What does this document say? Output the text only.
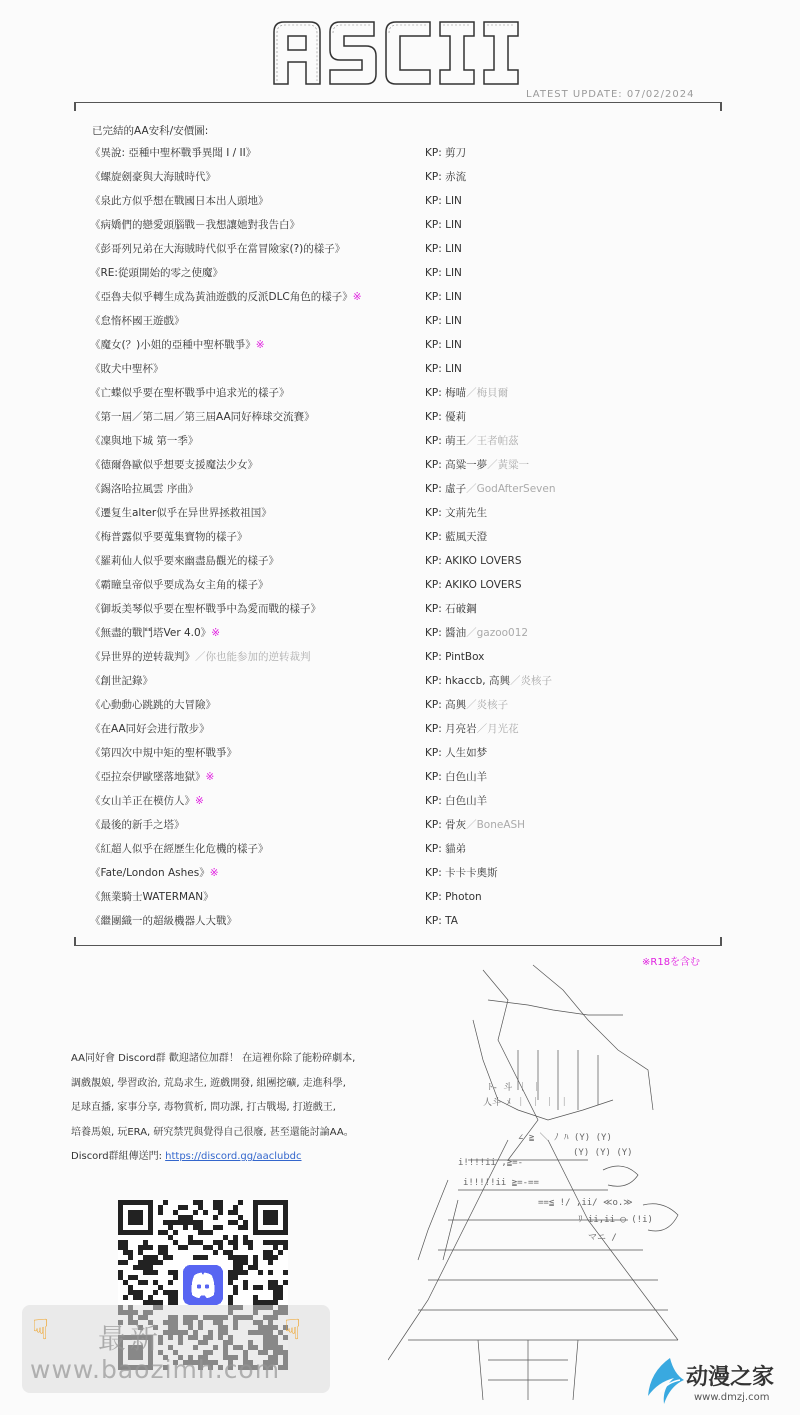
LATEST UPDATE: 07/02/2024
已完結的AA安科/安價圖:
《異說: 亞種中聖杯戰爭異聞 I / II》	KP: 剪刀
《螺旋劍豪與大海賊時代》	KP: 赤流
《泉此方似乎想在戰國日本出人頭地》	KP: LIN
《病嬌們的戀愛頭腦戰－我想讓她對我告白》	KP: LIN
《彭哥列兄弟在大海賊時代似乎在當冒險家(?)的樣子》	KP: LIN
《RE:從頭開始的零之使魔》	KP: LIN
《亞魯夫似乎轉生成為黃油遊戲的反派DLC角色的樣子》※	KP: LIN
《怠惰杯國王遊戲》	KP: LIN
《魔女(？)小姐的亞種中聖杯戰爭》※	KP: LIN
《敗犬中聖杯》	KP: LIN
《亡蝶似乎要在聖杯戰爭中追求光的樣子》	KP: 梅喵／梅貝爾
《第一屆／第二屆／第三屆AA同好棒球交流賽》	KP: 優莉
《凜與地下城 第一季》	KP: 萌王／王者帕茲
《德爾魯歐似乎想要支援魔法少女》	KP: 高粱一夢／黃粱一
《錫洛哈拉風雲 序曲》	KP: 虛子／GodAfterSeven
《遷复生alter似乎在异世界拯救祖国》	KP: 文荊先生
《梅普露似乎要蒐集寶物的樣子》	KP: 藍風天澄
《羅莉仙人似乎要來幽盡島觀光的樣子》	KP: AKIKO LOVERS
《霸瞳皇帝似乎要成為女主角的樣子》	KP: AKIKO LOVERS
《御坂美琴似乎要在聖杯戰爭中為愛而戰的樣子》	KP: 石破鋼
《無盡的戰鬥塔Ver 4.0》※	KP: 醬油／gazoo012
《异世界的逆转裁判》／你也能参加的逆转裁判	KP: PintBox
《創世記錄》	KP: hkaccb, 高興／炎核子
《心動動心跳跳的大冒險》	KP: 高興／炎核子
《在AA同好会进行散步》	KP: 月亮岩／月光花
《第四次中規中矩的聖杯戰爭》	KP: 人生如梦
《亞拉奈伊歐墜落地獄》※	KP: 白色山羊
《女山羊正在模仿人》※	KP: 白色山羊
《最後的新手之塔》	KP: 骨灰／BoneASH
《紅超人似乎在經歷生化危機的樣子》	KP: 貓弟
《Fate/London Ashes》※	KP: 卡卡卡奧斯
《無業騎士WATERMAN》	KP: Photon
《繼團織一的超級機器人大戰》	KP: TA
※R18を含む
ﾄ‐ 斗 ｜ ｜
人斗 ﾒ ｜ ｜ ｜ ｜
∠ ≧ ＼ ﾉ ﾊ (Y) (Y)
(Y) (Y) (Y)
i!!!!ii ,≧=‐
i!!!!!ii ≧=‐==
==≦ !/ ,ii/ ≪o.≫
ﾘ ii,ii ◯ (!i)
マニ /
AA同好會 Discord群 歡迎諸位加群！ 在這裡你除了能粉碎劇本,
調戲靚娘, 學習政治, 荒島求生, 遊戲開發, 組團挖礦, 走進科學,
足球直播, 家事分享, 毒物賞析, 問功課, 打古戰場, 打遊戲王,
培養馬娘, 玩ERA, 研究禁咒與覺得自己很廢, 甚至還能討論AA。
Discord群組傳送門: https://discord.gg/aaclubdc
☟ 最新	☟
www.baozimh.com	动漫之家
www.dmzj.com
